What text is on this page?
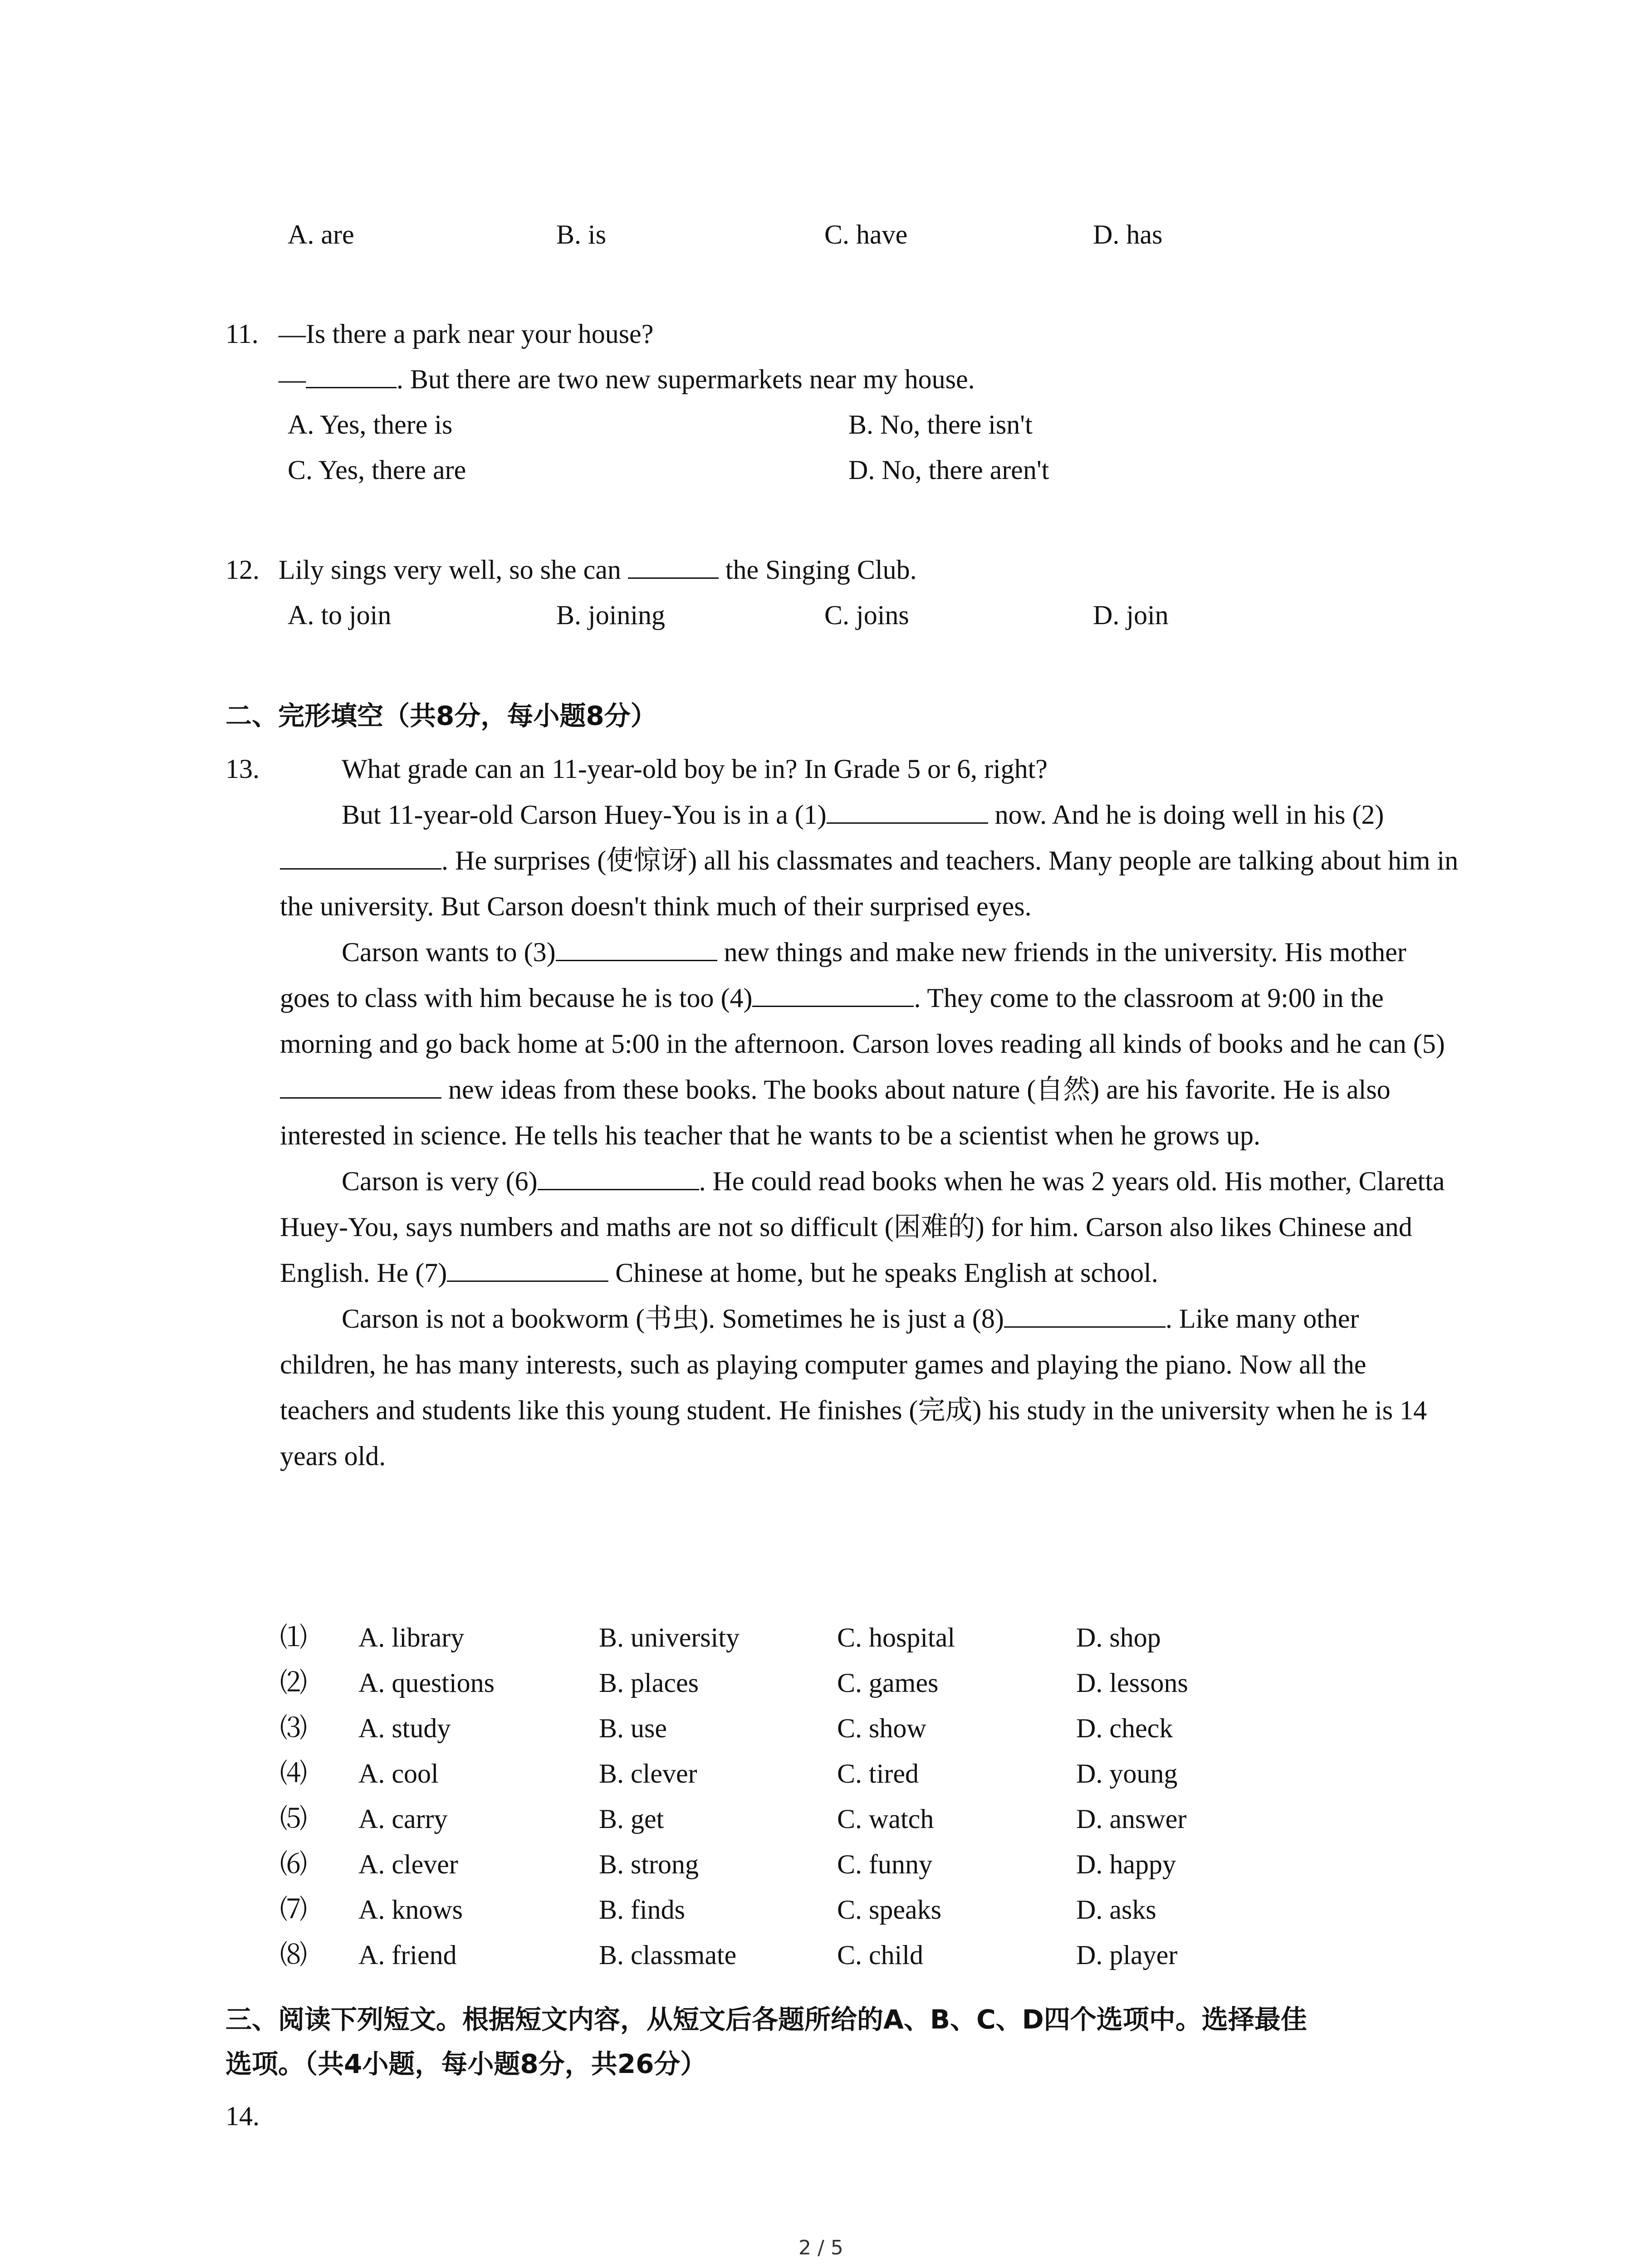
A. are	B. is	C. have	D. has
11. —Is there a park near your house?
—	. But there are two new supermarkets near my house.
A. Yes, there is	B. No, there isn't
C. Yes, there are	D. No, there aren't
12. Lily sings very well, so she can	the Singing Club.
A. to join	B. joining	C. joins	D. join
二、完形填空（共8分，每小题8分）
13.	What grade can an 11-year-old boy be in? In Grade 5 or 6, right?
But 11-year-old Carson Huey-You is in a (1)	now. And he is doing well in his (2). He surprises (使惊讶) all his classmates and teachers. Many people are talking about him in the university. But Carson doesn't think much of their surprised eyes.
Carson wants to (3)	new things and make new friends in the university. His mother goes to class with him because he is too (4)	. They come to the classroom at 9:00 in the morning and go back home at 5:00 in the afternoon. Carson loves reading all kinds of books and he can (5) new ideas from these books. The books about nature (自然) are his favorite. He is also interested in science. He tells his teacher that he wants to be a scientist when he grows up.
Carson is very (6)	. He could read books when he was 2 years old. His mother, Claretta Huey-You, says numbers and maths are not so difficult (困难的) for him. Carson also likes Chinese and English. He (7)	Chinese at home, but he speaks English at school.
Carson is not a bookworm (书虫). Sometimes he is just a (8)	. Like many other children, he has many interests, such as playing computer games and playing the piano. Now all the teachers and students like this young student. He finishes (完成) his study in the university when he is 14 years old.
⑴ A. library	B. university	C. hospital	D. shop
⑵ A. questions	B. places	C. games	D. lessons
⑶ A. study	B. use	C. show	D. check
⑷ A. cool	B. clever	C. tired	D. young
⑸ A. carry	B. get	C. watch	D. answer
⑹ A. clever	B. strong	C. funny	D. happy
⑺ A. knows	B. finds	C. speaks	D. asks
⑻ A. friend	B. classmate	C. child	D. player
三、阅读下列短文。根据短文内容，从短文后各题所给的A、B、C、D四个选项中。选择最佳
选项。（共4小题，每小题8分，共26分）
14.
2 / 5
